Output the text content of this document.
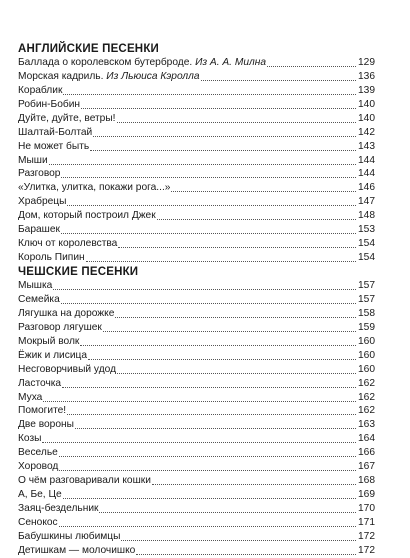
АНГЛИЙСКИЕ ПЕСЕНКИ
Баллада о королевском бутерброде. Из А. А. Милна	129
Морская кадриль. Из Льюиса Кэролла	136
Кораблик	139
Робин-Бобин	140
Дуйте, дуйте, ветры!	140
Шалтай-Болтай	142
Не может быть	143
Мыши	144
Разговор	144
«Улитка, улитка, покажи рога...»	146
Храбрецы	147
Дом, который построил Джек	148
Барашек	153
Ключ от королевства	154
Король Пипин	154
ЧЕШСКИЕ ПЕСЕНКИ
Мышка	157
Семейка	157
Лягушка на дорожке	158
Разговор лягушек	159
Мокрый волк	160
Ёжик и лисица	160
Несговорчивый удод	160
Ласточка	162
Муха	162
Помогите!	162
Две вороны	163
Козы	164
Веселье	166
Хоровод	167
О чём разговаривали кошки	168
А, Бе, Це	169
Заяц-бездельник	170
Сенокос	171
Бабушкины любимцы	172
Детишкам — молочишко	172
